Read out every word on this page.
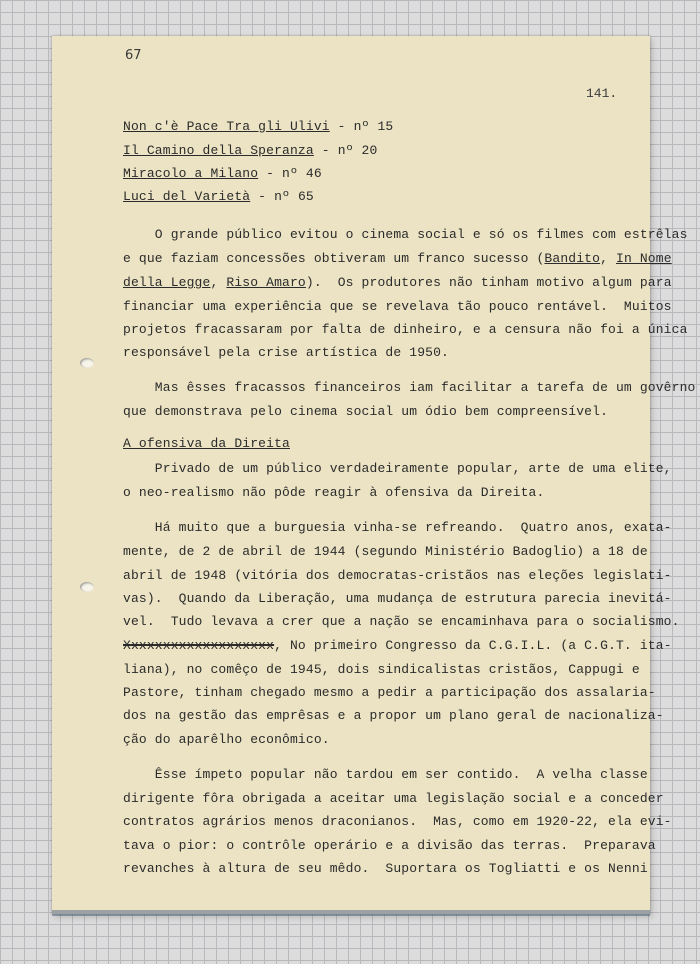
67
141.
Non c'è Pace Tra gli Ulivi - nº 15
Il Camino della Speranza - nº 20
Miracolo a Milano - nº 46
Luci del Varietà - nº 65
O grande público evitou o cinema social e só os filmes com estrêlas
e que faziam concessões obtiveram um franco sucesso (Bandito, In Nome
della Legge, Riso Amaro).  Os produtores não tinham motivo algum para
financiar uma experiência que se revelava tão pouco rentável.  Muitos
projetos fracassaram por falta de dinheiro, e a censura não foi a única
responsável pela crise artística de 1950.
Mas êsses fracassos financeiros iam facilitar a tarefa de um govêrno
que demonstrava pelo cinema social um ódio bem compreensível.
A ofensiva da Direita
Privado de um público verdadeiramente popular, arte de uma elite,
o neo-realismo não pôde reagir à ofensiva da Direita.
Há muito que a burguesia vinha-se refreando.  Quatro anos, exata-
mente, de 2 de abril de 1944 (segundo Ministério Badoglio) a 18 de
abril de 1948 (vitória dos democratas-cristãos nas eleções legislati-
vas).  Quando da Liberação, uma mudança de estrutura parecia inevitá-
vel.  Tudo levava a crer que a nação se encaminhava para o socialismo.
Xxxxxxxxxxxxxxxxxxx, No primeiro Congresso da C.G.I.L. (a C.G.T. ita-
liana), no comêço de 1945, dois sindicalistas cristãos, Cappugi e
Pastore, tinham chegado mesmo a pedir a participação dos assalaria-
dos na gestão das emprêsas e a propor um plano geral de nacionaliza-
ção do aparêlho econômico.
Êsse ímpeto popular não tardou em ser contido.  A velha classe
dirigente fôra obrigada a aceitar uma legislação social e a conceder
contratos agrários menos draconianos.  Mas, como em 1920-22, ela evi-
tava o pior: o contrôle operário e a divisão das terras.  Preparava
revanches à altura de seu mêdo.  Suportara os Togliatti e os Nenni
